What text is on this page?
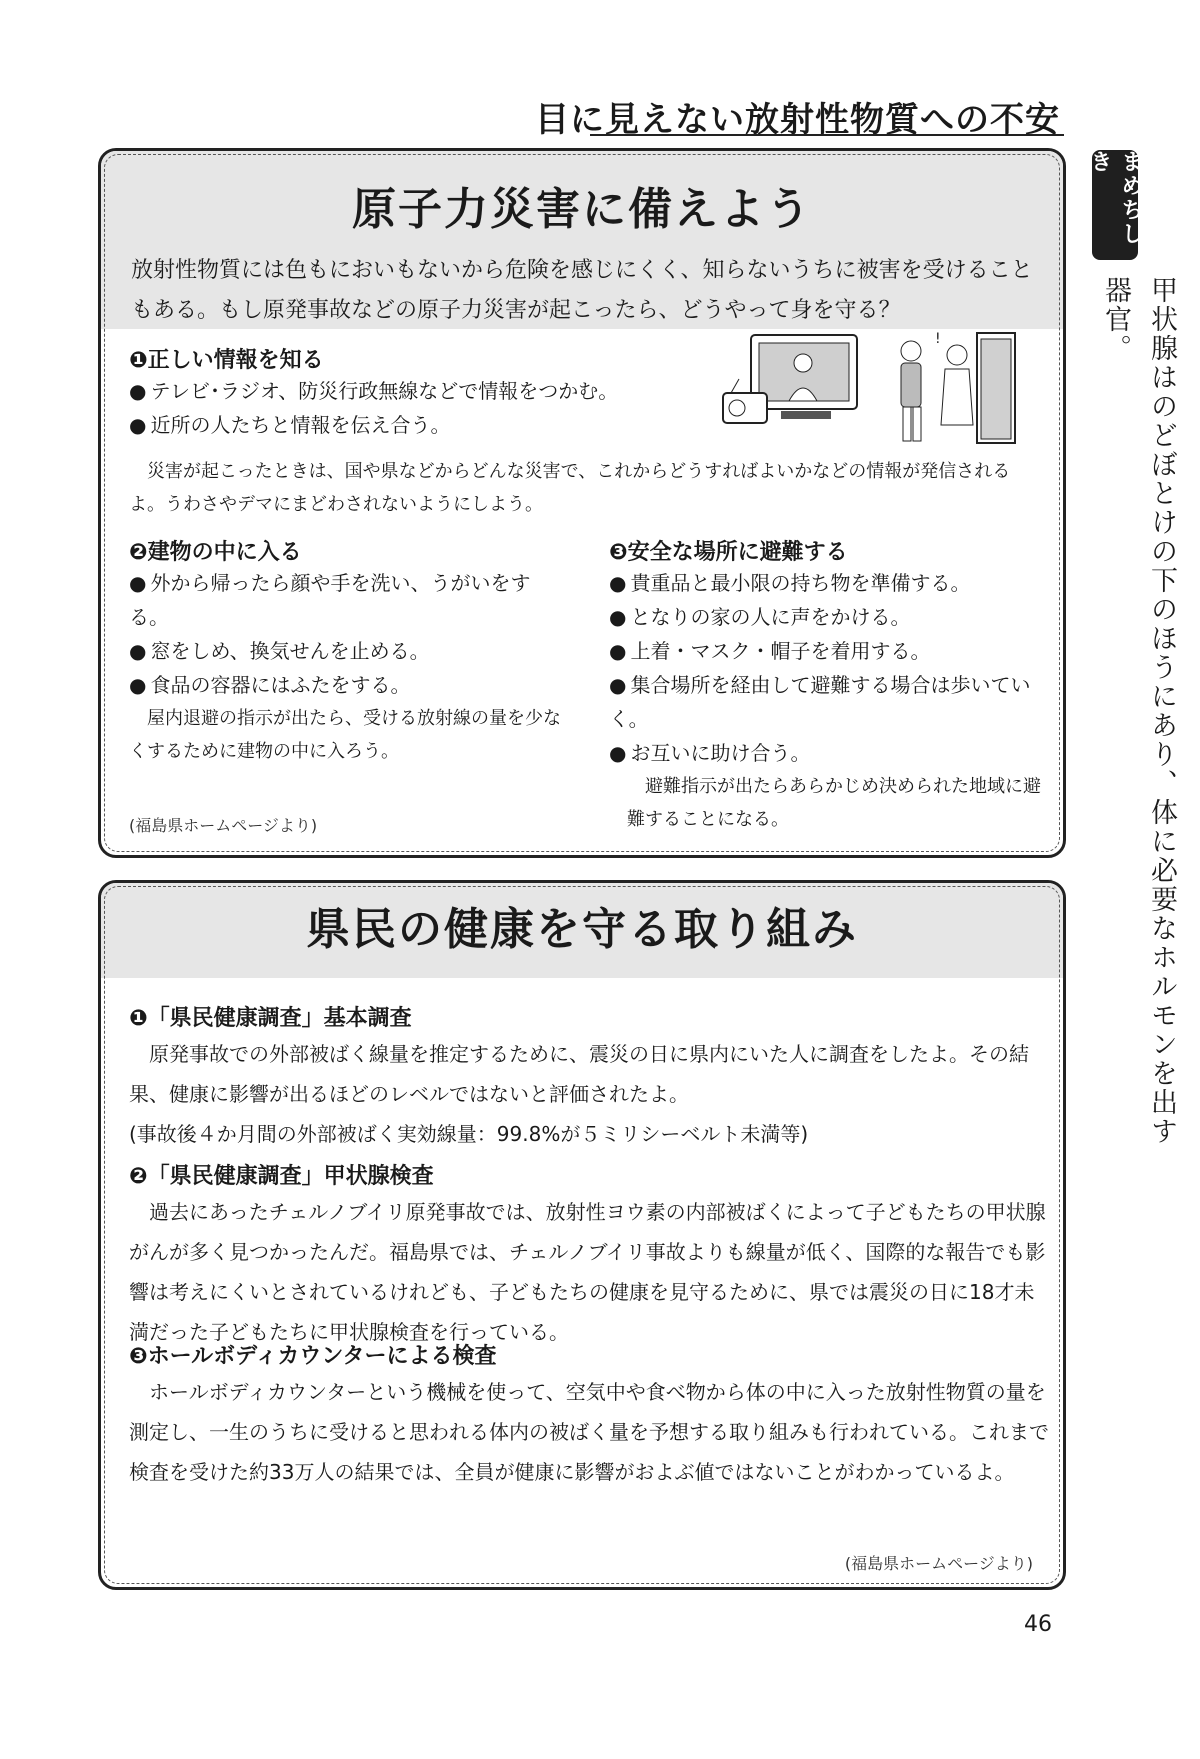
目に見えない放射性物質への不安
まめちしき
甲状腺はのどぼとけの下のほうにあり、体に必要なホルモンを出す器官。
原子力災害に備えよう
放射性物質には色もにおいもないから危険を感じにくく、知らないうちに被害を受けることもある。もし原発事故などの原子力災害が起こったら、どうやって身を守る？
❶正しい情報を知る
● テレビ･ラジオ、防災行政無線などで情報をつかむ。
● 近所の人たちと情報を伝え合う。
災害が起こったときは、国や県などからどんな災害で、これからどうすればよいかなどの情報が発信されるよ。うわさやデマにまどわされないようにしよう。
!
❷建物の中に入る
● 外から帰ったら顔や手を洗い、うがいをする。
● 窓をしめ、換気せんを止める。
● 食品の容器にはふたをする。
屋内退避の指示が出たら、受ける放射線の量を少なくするために建物の中に入ろう。
❸安全な場所に避難する
● 貴重品と最小限の持ち物を準備する。
● となりの家の人に声をかける。
● 上着・マスク・帽子を着用する。
● 集合場所を経由して避難する場合は歩いていく。
● お互いに助け合う。
避難指示が出たらあらかじめ決められた地域に避難することになる。
(福島県ホームページより)
県民の健康を守る取り組み
❶「県民健康調査」基本調査
原発事故での外部被ばく線量を推定するために、震災の日に県内にいた人に調査をしたよ。その結果、健康に影響が出るほどのレベルではないと評価されたよ。
(事故後４か月間の外部被ばく実効線量：99.8%が５ミリシーベルト未満等)
❷「県民健康調査」甲状腺検査
過去にあったチェルノブイリ原発事故では、放射性ヨウ素の内部被ばくによって子どもたちの甲状腺がんが多く見つかったんだ。福島県では、チェルノブイリ事故よりも線量が低く、国際的な報告でも影響は考えにくいとされているけれども、子どもたちの健康を見守るために、県では震災の日に18才未満だった子どもたちに甲状腺検査を行っている。
❸ホールボディカウンターによる検査
ホールボディカウンターという機械を使って、空気中や食べ物から体の中に入った放射性物質の量を測定し、一生のうちに受けると思われる体内の被ばく量を予想する取り組みも行われている。これまで検査を受けた約33万人の結果では、全員が健康に影響がおよぶ値ではないことがわかっているよ。
(福島県ホームページより)
46
